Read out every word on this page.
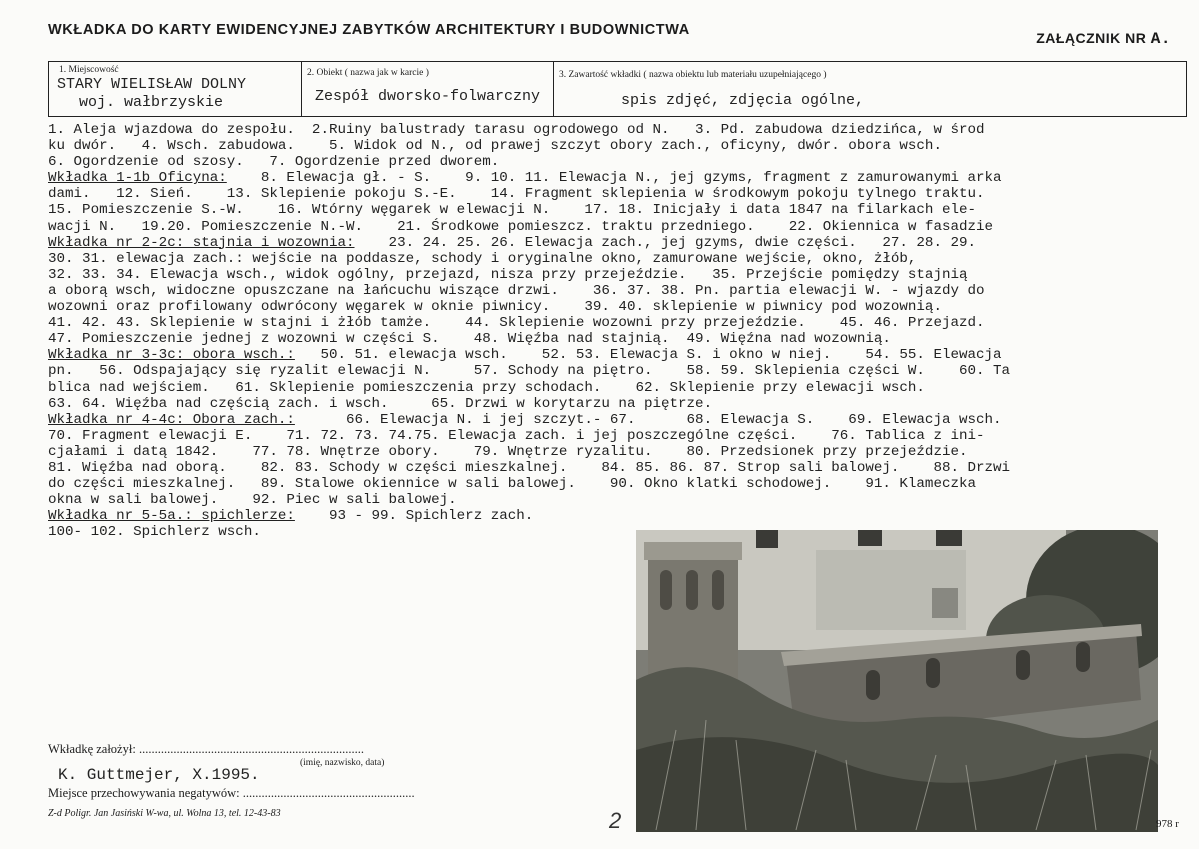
WKŁADKA DO KARTY EWIDENCYJNEJ ZABYTKÓW ARCHITEKTURY I BUDOWNICTWA	ZAŁĄCZNIK NR A.
1. Miejscowość
STARY WIELISŁAW DOLNY
woj. wałbrzyskie
2. Obiekt ( nazwa jak w karcie )
Zespół dworsko-folwarczny
3. Zawartość wkładki ( nazwa obiektu lub materiału uzupełniającego )
spis zdjęć, zdjęcia ogólne,
1. Aleja wjazdowa do zespołu.  2.Ruiny balustrady tarasu ogrodowego od N.   3. Pd. zabudowa dziedzińca, w środ
ku dwór.   4. Wsch. zabudowa.    5. Widok od N., od prawej szczyt obory zach., oficyny, dwór. obora wsch.
6. Ogordzenie od szosy.   7. Ogordzenie przed dworem.
Wkładka 1-1b Oficyna:    8. Elewacja gł. - S.    9. 10. 11. Elewacja N., jej gzyms, fragment z zamurowanymi arka
dami.   12. Sień.    13. Sklepienie pokoju S.-E.    14. Fragment sklepienia w środkowym pokoju tylnego traktu.
15. Pomieszczenie S.-W.    16. Wtórny węgarek w elewacji N.    17. 18. Inicjały i data 1847 na filarkach ele-
wacji N.   19.20. Pomieszczenie N.-W.    21. Środkowe pomieszcz. traktu przedniego.    22. Okiennica w fasadzie
Wkładka nr 2-2c: stajnia i wozownia:    23. 24. 25. 26. Elewacja zach., jej gzyms, dwie części.   27. 28. 29.
30. 31. elewacja zach.: wejście na poddasze, schody i oryginalne okno, zamurowane wejście, okno, żłób,
32. 33. 34. Elewacja wsch., widok ogólny, przejazd, nisza przy przejeździe.   35. Przejście pomiędzy stajnią
a oborą wsch, widoczne opuszczane na łańcuchu wiszące drzwi.    36. 37. 38. Pn. partia elewacji W. - wjazdy do
wozowni oraz profilowany odwrócony węgarek w oknie piwnicy.    39. 40. sklepienie w piwnicy pod wozownią.
41. 42. 43. Sklepienie w stajni i żłób tamże.    44. Sklepienie wozowni przy przejeździe.    45. 46. Przejazd.
47. Pomieszczenie jednej z wozowni w części S.    48. Więźba nad stajnią.  49. Więźna nad wozownią.
Wkładka nr 3-3c: obora wsch.:   50. 51. elewacja wsch.    52. 53. Elewacja S. i okno w niej.    54. 55. Elewacja
pn.   56. Odspajający się ryzalit elewacji N.     57. Schody na piętro.    58. 59. Sklepienia części W.    60. Ta
blica nad wejściem.   61. Sklepienie pomieszczenia przy schodach.    62. Sklepienie przy elewacji wsch.
63. 64. Więźba nad częścią zach. i wsch.     65. Drzwi w korytarzu na piętrze.
Wkładka nr 4-4c: Obora zach.:      66. Elewacja N. i jej szczyt.- 67.      68. Elewacja S.    69. Elewacja wsch.
70. Fragment elewacji E.    71. 72. 73. 74.75. Elewacja zach. i jej poszczególne części.    76. Tablica z ini-
cjałami i datą 1842.    77. 78. Wnętrze obory.    79. Wnętrze ryzalitu.    80. Przedsionek przy przejeździe.
81. Więźba nad oborą.    82. 83. Schody w części mieszkalnej.    84. 85. 86. 87. Strop sali balowej.    88. Drzwi
do części mieszkalnej.   89. Stalowe okiennice w sali balowej.    90. Okno klatki schodowej.    91. Klameczka
okna w sali balowej.    92. Piec w sali balowej.
Wkładka nr 5-5a.: spichlerze:    93 - 99. Spichlerz zach.
100- 102. Spichlerz wsch.
Wkładkę założył: ........................................................................
(imię, nazwisko, data)
K. Guttmejer, X.1995.
Miejsce przechowywania negatywów: .......................................................
Z-d Poligr. Jan Jasiński W-wa, ul. Wolna 13, tel. 12-43-83	2	978 r
